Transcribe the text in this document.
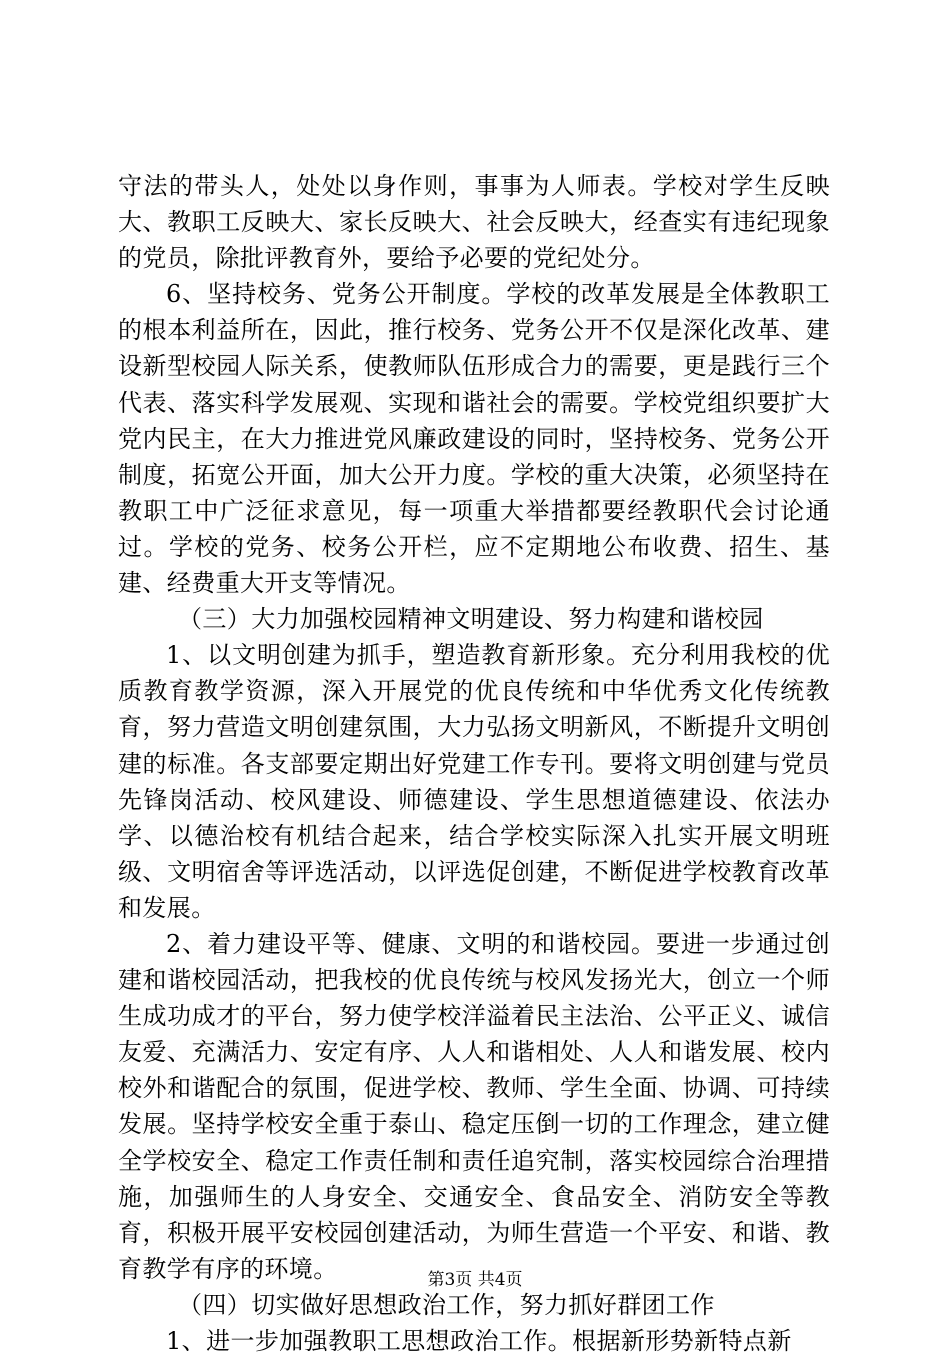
守法的带头人，处处以身作则，事事为人师表。学校对学生反映大、教职工反映大、家长反映大、社会反映大，经查实有违纪现象的党员，除批评教育外，要给予必要的党纪处分。

6、坚持校务、党务公开制度。学校的改革发展是全体教职工的根本利益所在，因此，推行校务、党务公开不仅是深化改革、建设新型校园人际关系，使教师队伍形成合力的需要，更是践行三个代表、落实科学发展观、实现和谐社会的需要。学校党组织要扩大党内民主，在大力推进党风廉政建设的同时，坚持校务、党务公开制度，拓宽公开面，加大公开力度。学校的重大决策，必须坚持在教职工中广泛征求意见，每一项重大举措都要经教职代会讨论通过。学校的党务、校务公开栏，应不定期地公布收费、招生、基建、经费重大开支等情况。

（三）大力加强校园精神文明建设、努力构建和谐校园

1、以文明创建为抓手，塑造教育新形象。充分利用我校的优质教育教学资源，深入开展党的优良传统和中华优秀文化传统教育，努力营造文明创建氛围，大力弘扬文明新风，不断提升文明创建的标准。各支部要定期出好党建工作专刊。要将文明创建与党员先锋岗活动、校风建设、师德建设、学生思想道德建设、依法办学、以德治校有机结合起来，结合学校实际深入扎实开展文明班级、文明宿舍等评选活动，以评选促创建，不断促进学校教育改革和发展。

2、着力建设平等、健康、文明的和谐校园。要进一步通过创建和谐校园活动，把我校的优良传统与校风发扬光大，创立一个师生成功成才的平台，努力使学校洋溢着民主法治、公平正义、诚信友爱、充满活力、安定有序、人人和谐相处、人人和谐发展、校内校外和谐配合的氛围，促进学校、教师、学生全面、协调、可持续发展。坚持学校安全重于泰山、稳定压倒一切的工作理念，建立健全学校安全、稳定工作责任制和责任追究制，落实校园综合治理措施，加强师生的人身安全、交通安全、食品安全、消防安全等教育，积极开展平安校园创建活动，为师生营造一个平安、和谐、教育教学有序的环境。

（四）切实做好思想政治工作，努力抓好群团工作

1、进一步加强教职工思想政治工作。根据新形势新特点新

第3页 共4页
